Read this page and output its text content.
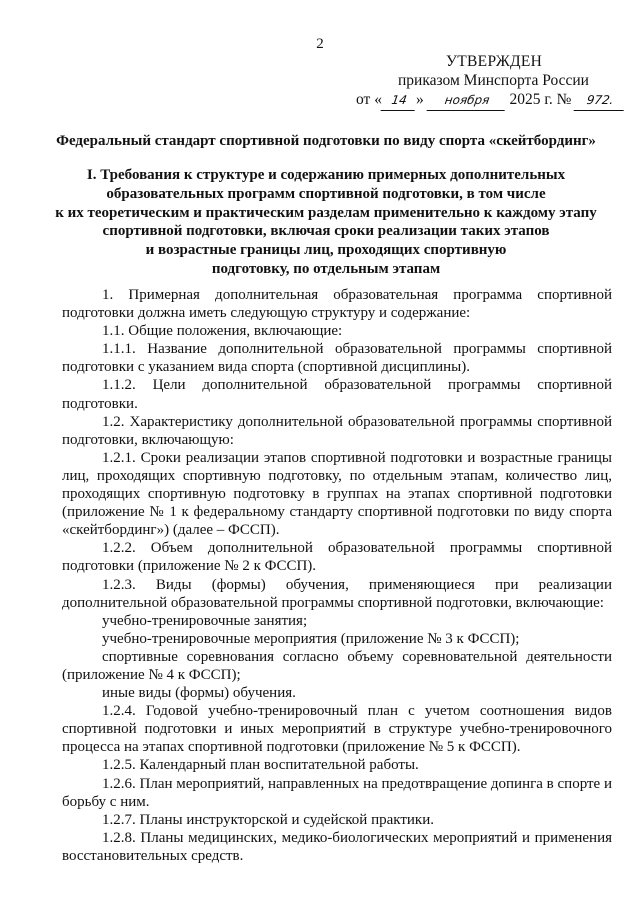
2
УТВЕРЖДЕН
приказом Минспорта России
от « 14 » ноября 2025 г. № 972.
Федеральный стандарт спортивной подготовки по виду спорта «скейтбординг»
I. Требования к структуре и содержанию примерных дополнительных
образовательных программ спортивной подготовки, в том числе
к их теоретическим и практическим разделам применительно к каждому этапу
спортивной подготовки, включая сроки реализации таких этапов
и возрастные границы лиц, проходящих спортивную
подготовку, по отдельным этапам

1. Примерная дополнительная образовательная программа спортивной подготовки должна иметь следующую структуру и содержание:

1.1. Общие положения, включающие:

1.1.1. Название дополнительной образовательной программы спортивной подготовки с указанием вида спорта (спортивной дисциплины).

1.1.2. Цели дополнительной образовательной программы спортивной подготовки.

1.2. Характеристику дополнительной образовательной программы спортивной подготовки, включающую:

1.2.1. Сроки реализации этапов спортивной подготовки и возрастные границы лиц, проходящих спортивную подготовку, по отдельным этапам, количество лиц, проходящих спортивную подготовку в группах на этапах спортивной подготовки (приложение № 1 к федеральному стандарту спортивной подготовки по виду спорта «скейтбординг») (далее – ФССП).

1.2.2. Объем дополнительной образовательной программы спортивной подготовки (приложение № 2 к ФССП).

1.2.3. Виды (формы) обучения, применяющиеся при реализации дополнительной образовательной программы спортивной подготовки, включающие:

учебно-тренировочные занятия;

учебно-тренировочные мероприятия (приложение № 3 к ФССП);

спортивные соревнования согласно объему соревновательной деятельности (приложение № 4 к ФССП);

иные виды (формы) обучения.

1.2.4. Годовой учебно-тренировочный план с учетом соотношения видов спортивной подготовки и иных мероприятий в структуре учебно-тренировочного процесса на этапах спортивной подготовки (приложение № 5 к ФССП).

1.2.5. Календарный план воспитательной работы.

1.2.6. План мероприятий, направленных на предотвращение допинга в спорте и борьбу с ним.

1.2.7. Планы инструкторской и судейской практики.

1.2.8. Планы медицинских, медико-биологических мероприятий и применения восстановительных средств.
